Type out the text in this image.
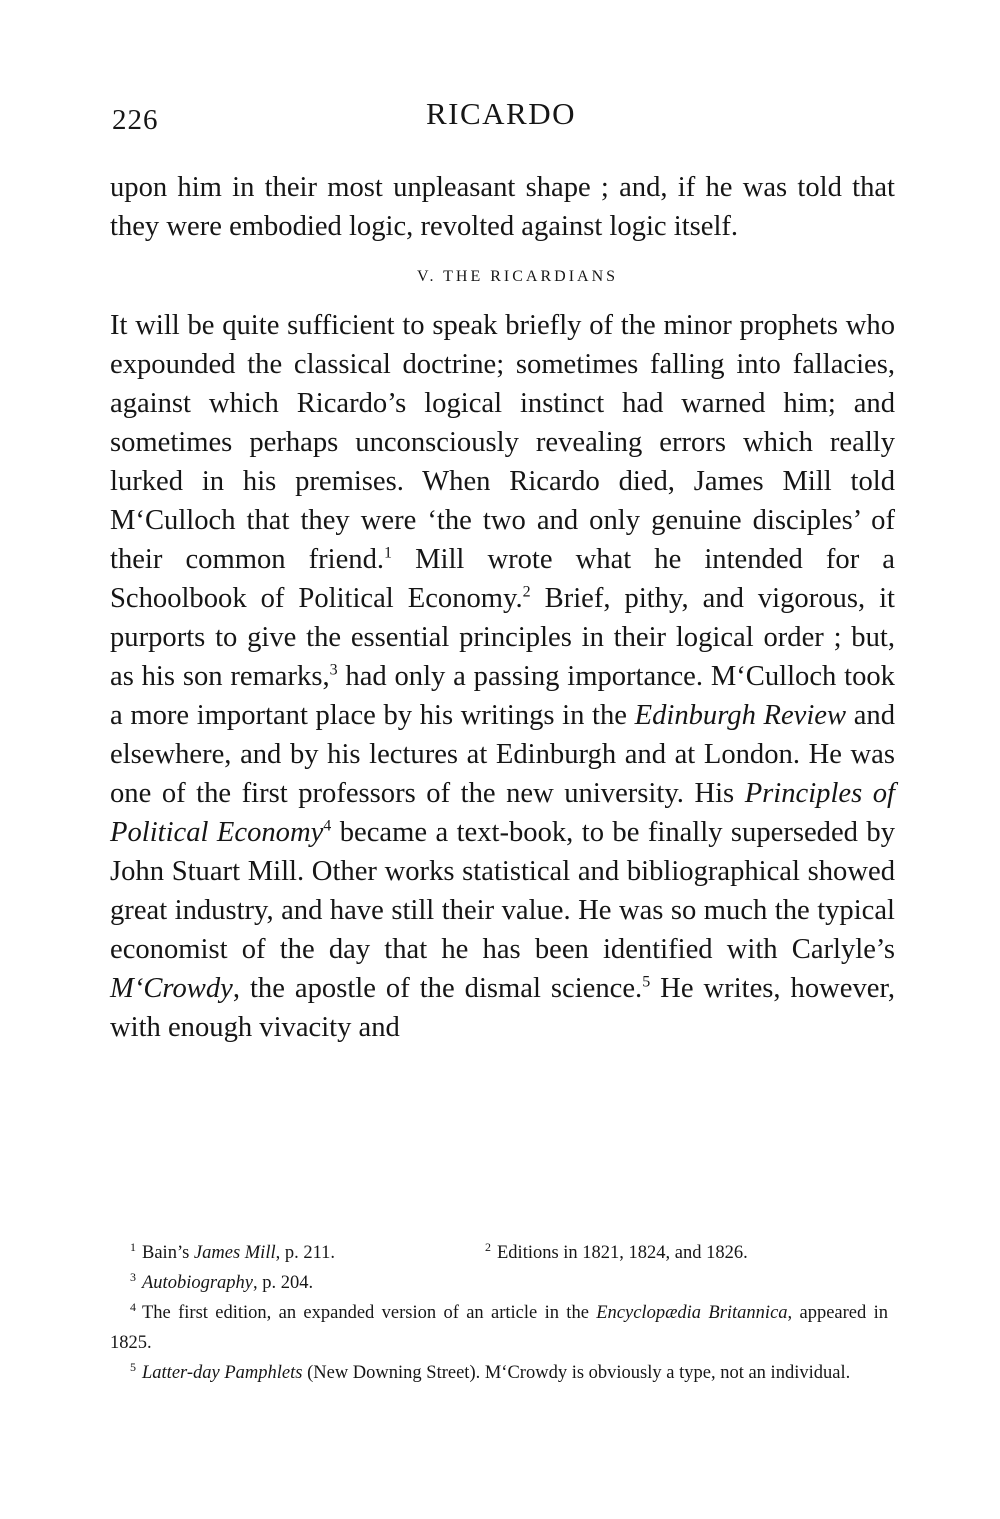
226	RICARDO

upon him in their most unpleasant shape ; and, if he was told that they were embodied logic, revolted against logic itself.

V. THE RICARDIANS

It will be quite sufficient to speak briefly of the minor prophets who expounded the classical doctrine; sometimes falling into fallacies, against which Ricardo’s logical instinct had warned him; and sometimes perhaps unconsciously revealing errors which really lurked in his premises. When Ricardo died, James Mill told M‘Culloch that they were ‘the two and only genuine disciples’ of their common friend.$^1$ Mill wrote what he intended for a Schoolbook of Political Economy.$^2$ Brief, pithy, and vigorous, it purports to give the essential principles in their logical order ; but, as his son remarks,$^3$ had only a passing importance. M‘Culloch took a more important place by his writings in the Edinburgh Review and elsewhere, and by his lectures at Edinburgh and at London. He was one of the first professors of the new university. His Principles of Political Economy$^4$ became a text-book, to be finally superseded by John Stuart Mill. Other works statistical and bibliographical showed great industry, and have still their value. He was so much the typical economist of the day that he has been identified with Carlyle’s M‘Crowdy, the apostle of the dismal science.$^5$ He writes, however, with enough vivacity and

$^1$ Bain’s James Mill, p. 211.	$^2$ Editions in 1821, 1824, and 1826.
$^3$ Autobiography, p. 204.
$^4$ The first edition, an expanded version of an article in the Encyclopædia Britannica, appeared in 1825.
$^5$ Latter-day Pamphlets (New Downing Street). M‘Crowdy is obviously a type, not an individual.
